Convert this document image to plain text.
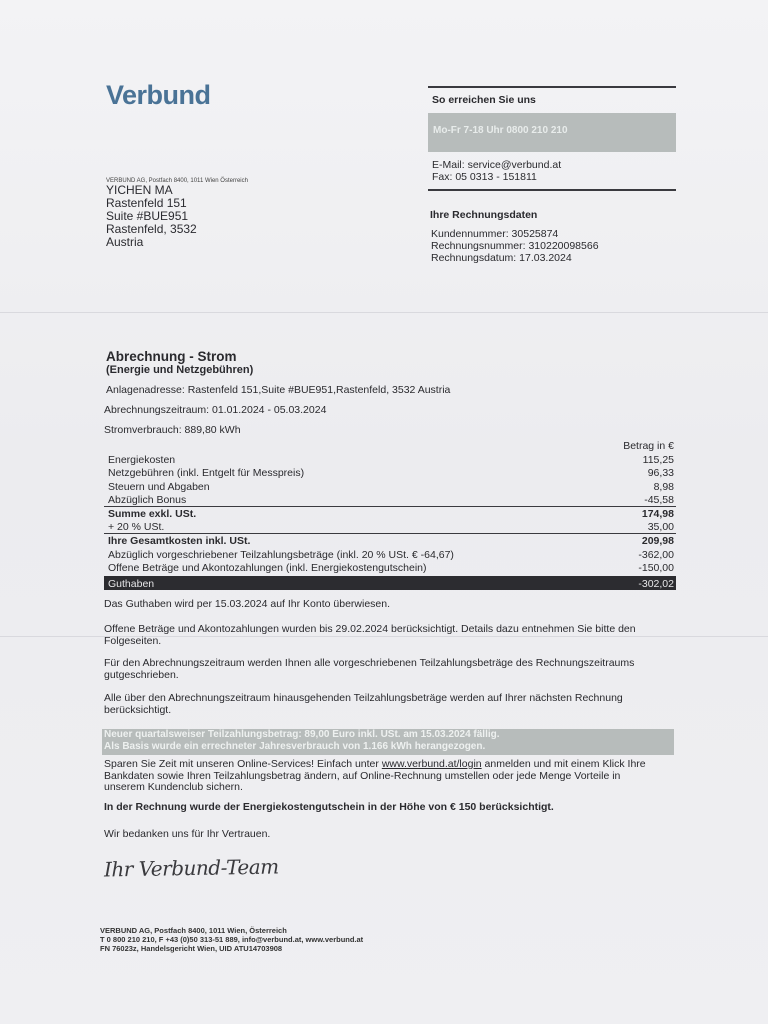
Verbund
VERBUND AG, Postfach 8400, 1011 Wien Österreich
YICHEN MA
Rastenfeld 151
Suite #BUE951
Rastenfeld, 3532
Austria
So erreichen Sie uns
Mo-Fr 7-18 Uhr 0800 210 210
E-Mail: service@verbund.at
Fax: 05 0313 - 151811
Ihre Rechnungsdaten
Kundennummer: 30525874
Rechnungsnummer: 310220098566
Rechnungsdatum: 17.03.2024
Abrechnung - Strom
(Energie und Netzgebühren)
Anlagenadresse: Rastenfeld 151,Suite #BUE951,Rastenfeld, 3532 Austria
Abrechnungszeitraum: 01.01.2024 - 05.03.2024
Stromverbrauch: 889,80 kWh
Betrag in €
Energiekosten	115,25
Netzgebühren (inkl. Entgelt für Messpreis)	96,33
Steuern und Abgaben	8,98
Abzüglich Bonus	-45,58
Summe exkl. USt.	174,98
+ 20 % USt.	35,00
Ihre Gesamtkosten inkl. USt.	209,98
Abzüglich vorgeschriebener Teilzahlungsbeträge (inkl. 20 % USt. € -64,67)	-362,00
Offene Beträge und Akontozahlungen (inkl. Energiekostengutschein)	-150,00
Guthaben	-302,02
Das Guthaben wird per 15.03.2024 auf Ihr Konto überwiesen.
Offene Beträge und Akontozahlungen wurden bis 29.02.2024 berücksichtigt. Details dazu entnehmen Sie bitte den
Folgeseiten.
Für den Abrechnungszeitraum werden Ihnen alle vorgeschriebenen Teilzahlungsbeträge des Rechnungszeitraums
gutgeschrieben.
Alle über den Abrechnungszeitraum hinausgehenden Teilzahlungsbeträge werden auf Ihrer nächsten Rechnung
berücksichtigt.
Neuer quartalsweiser Teilzahlungsbetrag: 89,00 Euro inkl. USt. am 15.03.2024 fällig.
Als Basis wurde ein errechneter Jahresverbrauch von 1.166 kWh herangezogen.
Sparen Sie Zeit mit unseren Online-Services! Einfach unter www.verbund.at/login anmelden und mit einem Klick Ihre
Bankdaten sowie Ihren Teilzahlungsbetrag ändern, auf Online-Rechnung umstellen oder jede Menge Vorteile in
unserem Kundenclub sichern.
In der Rechnung wurde der Energiekostengutschein in der Höhe von € 150 berücksichtigt.
Wir bedanken uns für Ihr Vertrauen.
Ihr Verbund-Team
VERBUND AG, Postfach 8400, 1011 Wien, Österreich
T 0 800 210 210, F +43 (0)50 313-51 889, info@verbund.at, www.verbund.at
FN 76023z, Handelsgericht Wien, UID ATU14703908
